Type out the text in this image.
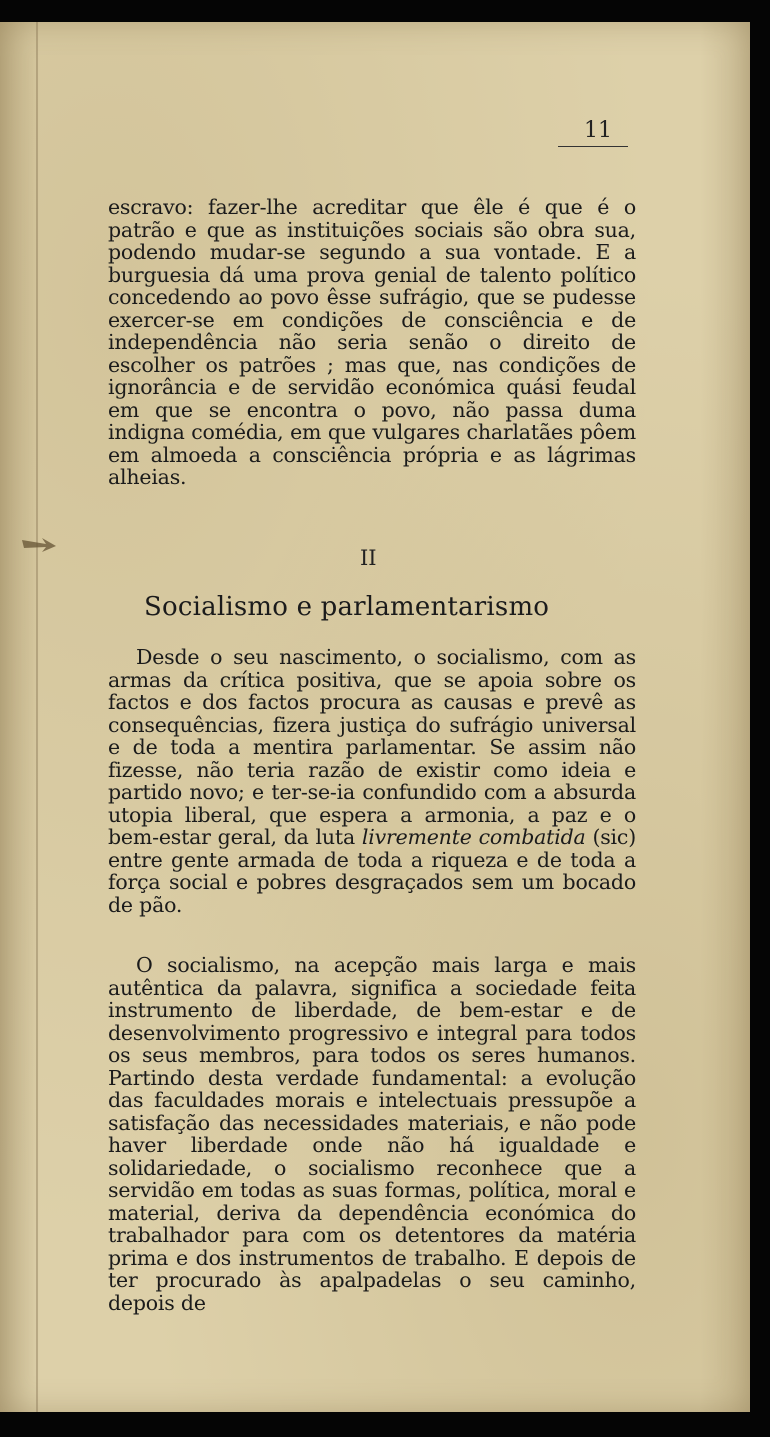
11
escravo: fazer-lhe acreditar que êle é que é o patrão e que as instituições sociais são obra sua, podendo mudar-se segundo a sua vontade. E a burguesia dá uma prova genial de talento político concedendo ao povo êsse sufrágio, que se pudesse exercer-se em condições de consciência e de independência não seria senão o direito de escolher os patrões ; mas que, nas condições de ignorância e de servidão económica quási feudal em que se encontra o povo, não passa duma indigna comédia, em que vulgares charlatães pôem em almoeda a consciência própria e as lágrimas alheias.
II
Socialismo e parlamentarismo
Desde o seu nascimento, o socialismo, com as armas da crítica positiva, que se apoia sobre os factos e dos factos procura as causas e prevê as consequências, fizera justiça do sufrágio universal e de toda a mentira parlamentar. Se assim não fizesse, não teria razão de existir como ideia e partido novo; e ter-se-ia confundido com a absurda utopia liberal, que espera a armonia, a paz e o bem-estar geral, da luta livremente combatida (sic) entre gente armada de toda a riqueza e de toda a força social e pobres desgraçados sem um bocado de pão.
O socialismo, na acepção mais larga e mais autêntica da palavra, significa a sociedade feita instrumento de liberdade, de bem-estar e de desenvolvimento progressivo e integral para todos os seus membros, para todos os seres humanos. Partindo desta verdade fundamental: a evolução das faculdades morais e intelectuais pressupõe a satisfação das necessidades materiais, e não pode haver liberdade onde não há igualdade e solidariedade, o socialismo reconhece que a servidão em todas as suas formas, política, moral e material, deriva da dependência económica do trabalhador para com os detentores da matéria prima e dos instrumentos de trabalho. E depois de ter procurado às apalpadelas o seu caminho, depois de
